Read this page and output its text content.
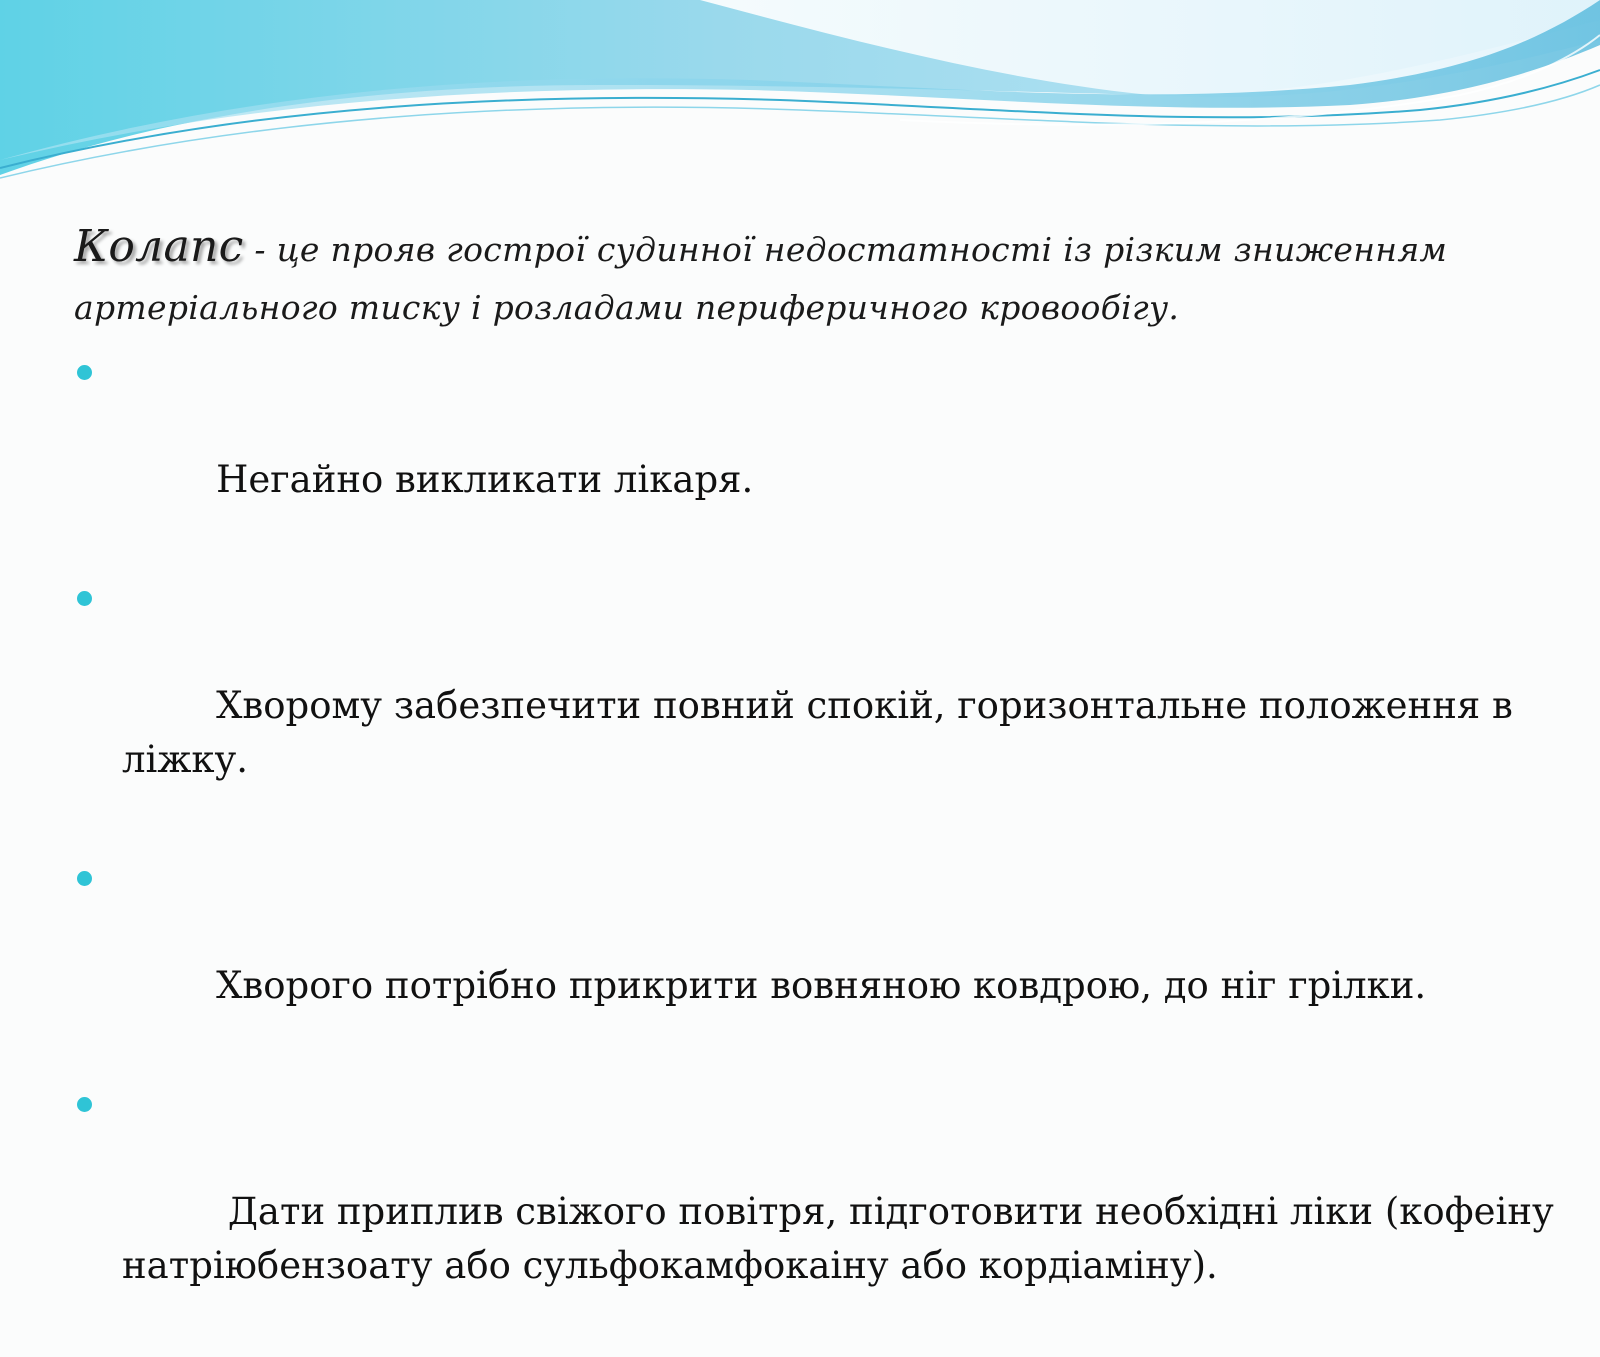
Колапс - це прояв гострої судинної недостатності із різким зниженням
артеріального тиску і розладами периферичного кровообігу.

Негайно викликати лікаря.

Хворому забезпечити повний спокій, горизонтальне положення в ліжку.

Хворого потрібно прикрити вовняною ковдрою, до ніг грілки.

Дати приплив свіжого повітря, підготовити необхідні ліки (кофеіну натріюбензоату або сульфокамфокаіну або кордіаміну).
